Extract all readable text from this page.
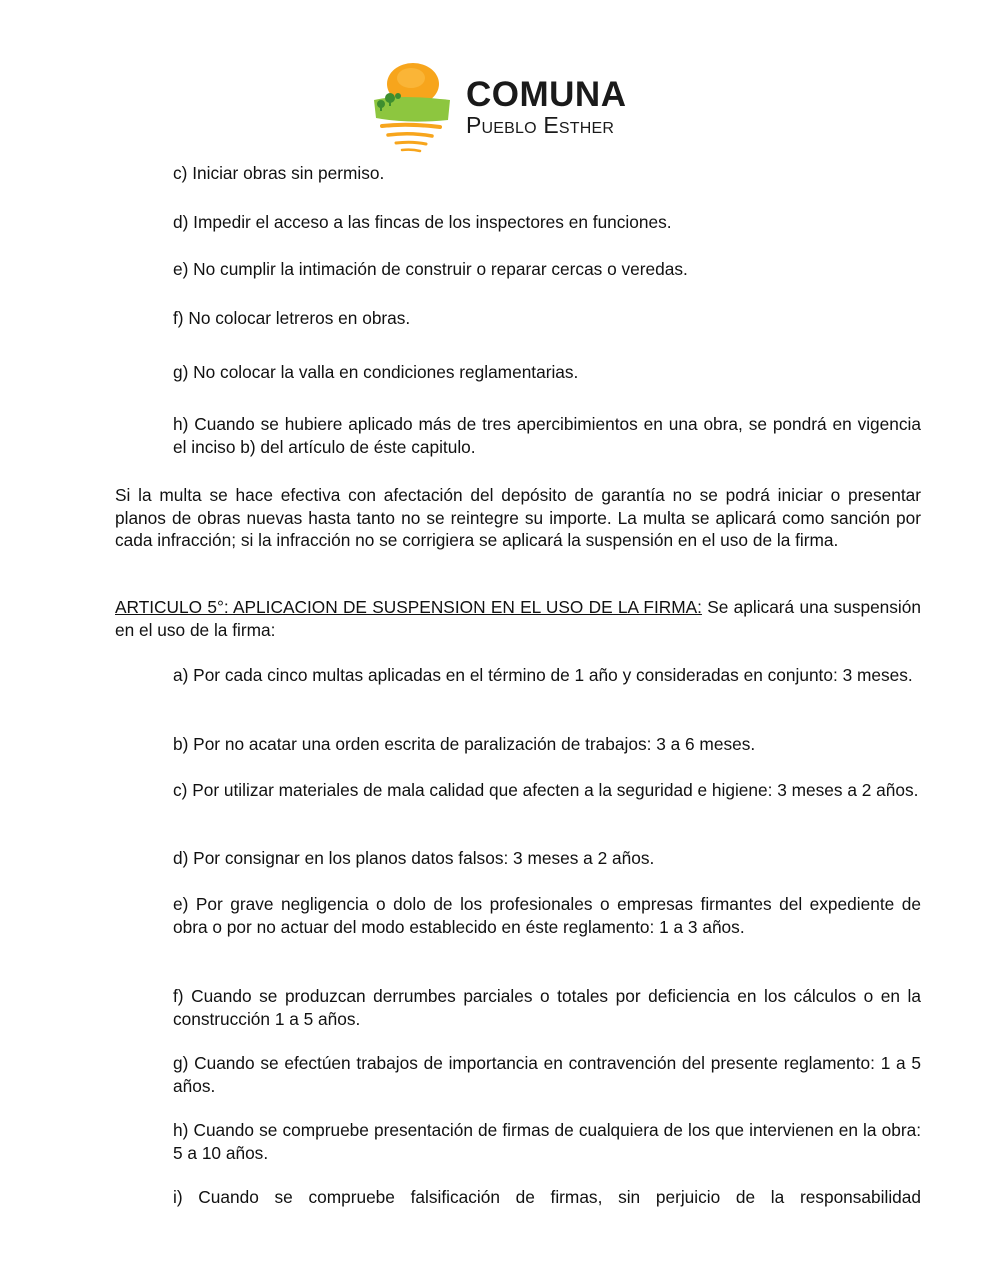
COMUNA
Pueblo Esther

c) Iniciar obras sin permiso.

d) Impedir el acceso a las fincas de los inspectores en funciones.

e) No cumplir la intimación de construir o reparar cercas o veredas.

f) No colocar letreros en obras.

g) No colocar la valla en condiciones reglamentarias.

h) Cuando se hubiere aplicado más de tres apercibimientos en una obra, se pondrá en vigencia el inciso b) del artículo de éste capitulo.

Si la multa se hace efectiva con afectación del depósito de garantía no se podrá iniciar o presentar planos de obras nuevas hasta tanto no se reintegre su importe. La multa se aplicará como sanción por cada infracción; si la infracción no se corrigiera se aplicará la suspensión en el uso de la firma.

ARTICULO 5°: APLICACION DE SUSPENSION EN EL USO DE LA FIRMA: Se aplicará una suspensión en el uso de la firma:

a) Por cada cinco multas aplicadas en el término de 1 año y consideradas en conjunto: 3 meses.

b) Por no acatar una orden escrita de paralización de trabajos: 3 a 6 meses.

c) Por utilizar materiales de mala calidad que afecten a la seguridad e higiene: 3 meses a 2 años.

d) Por consignar en los planos datos falsos: 3 meses a 2 años.

e) Por grave negligencia o dolo de los profesionales o empresas firmantes del expediente de obra o por no actuar del modo establecido en éste reglamento: 1 a 3 años.

f) Cuando se produzcan derrumbes parciales o totales por deficiencia en los cálculos o en la construcción 1 a 5 años.

g) Cuando se efectúen trabajos de importancia en contravención del presente reglamento: 1 a 5 años.

h) Cuando se compruebe presentación de firmas de cualquiera de los que intervienen en la obra: 5 a 10 años.

i) Cuando se compruebe falsificación de firmas, sin perjuicio de la responsabilidad
